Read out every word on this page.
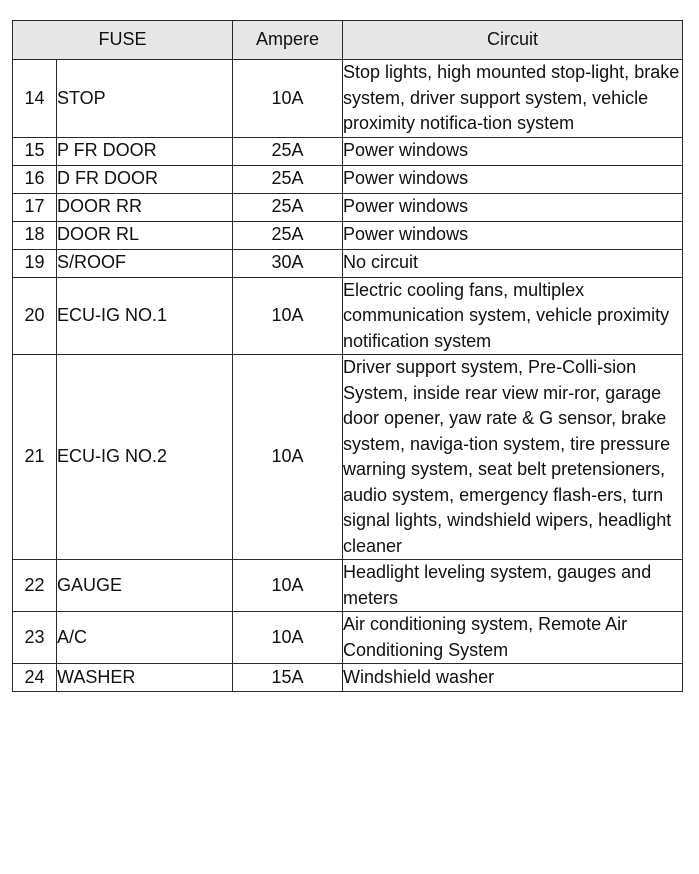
FUSE		Ampere	Circuit
14	STOP	10A	Stop lights, high mounted stop-light, brake system, driver support system, vehicle proximity notifica-tion system
15	P FR DOOR	25A	Power windows
16	D FR DOOR	25A	Power windows
17	DOOR RR	25A	Power windows
18	DOOR RL	25A	Power windows
19	S/ROOF	30A	No circuit
20	ECU-IG NO.1	10A	Electric cooling fans, multiplex communication system, vehicle proximity notification system
21	ECU-IG NO.2	10A	Driver support system, Pre-Colli-sion System, inside rear view mir-ror, garage door opener, yaw rate & G sensor, brake system, naviga-tion system, tire pressure warning system, seat belt pretensioners, audio system, emergency flash-ers, turn signal lights, windshield wipers, headlight cleaner
22	GAUGE	10A	Headlight leveling system, gauges and meters
23	A/C	10A	Air conditioning system, Remote Air Conditioning System
24	WASHER	15A	Windshield washer
